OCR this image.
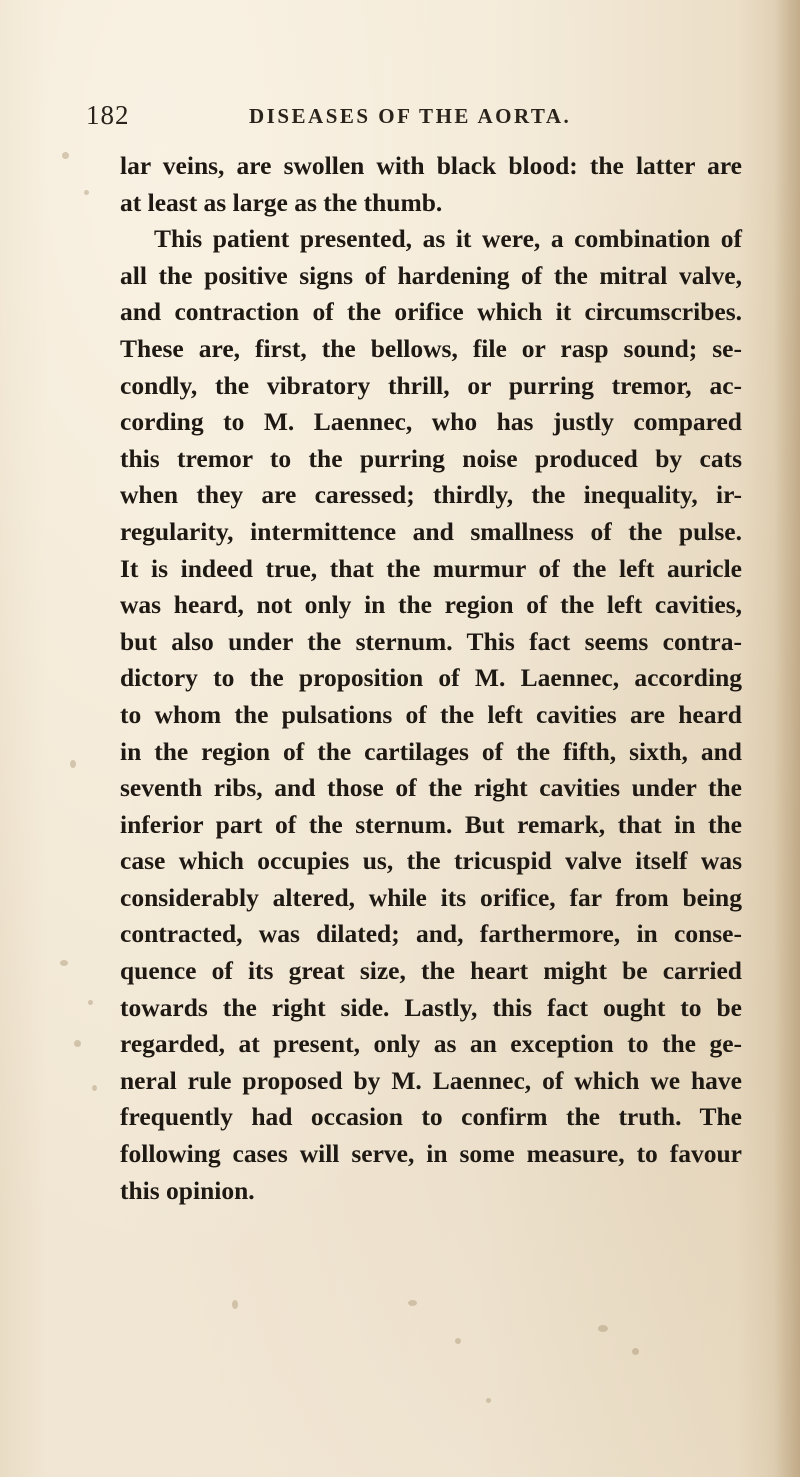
182	DISEASES OF THE AORTA.
lar veins, are swollen with black blood: the latter are
at least as large as the thumb.
This patient presented, as it were, a combination of
all the positive signs of hardening of the mitral valve,
and contraction of the orifice which it circumscribes.
These are, first, the bellows, file or rasp sound; se-
condly, the vibratory thrill, or purring tremor, ac-
cording to M. Laennec, who has justly compared
this tremor to the purring noise produced by cats
when they are caressed; thirdly, the inequality, ir-
regularity, intermittence and smallness of the pulse.
It is indeed true, that the murmur of the left auricle
was heard, not only in the region of the left cavities,
but also under the sternum. This fact seems contra-
dictory to the proposition of M. Laennec, according
to whom the pulsations of the left cavities are heard
in the region of the cartilages of the fifth, sixth, and
seventh ribs, and those of the right cavities under the
inferior part of the sternum. But remark, that in the
case which occupies us, the tricuspid valve itself was
considerably altered, while its orifice, far from being
contracted, was dilated; and, farthermore, in conse-
quence of its great size, the heart might be carried
towards the right side. Lastly, this fact ought to be
regarded, at present, only as an exception to the ge-
neral rule proposed by M. Laennec, of which we have
frequently had occasion to confirm the truth. The
following cases will serve, in some measure, to favour
this opinion.
